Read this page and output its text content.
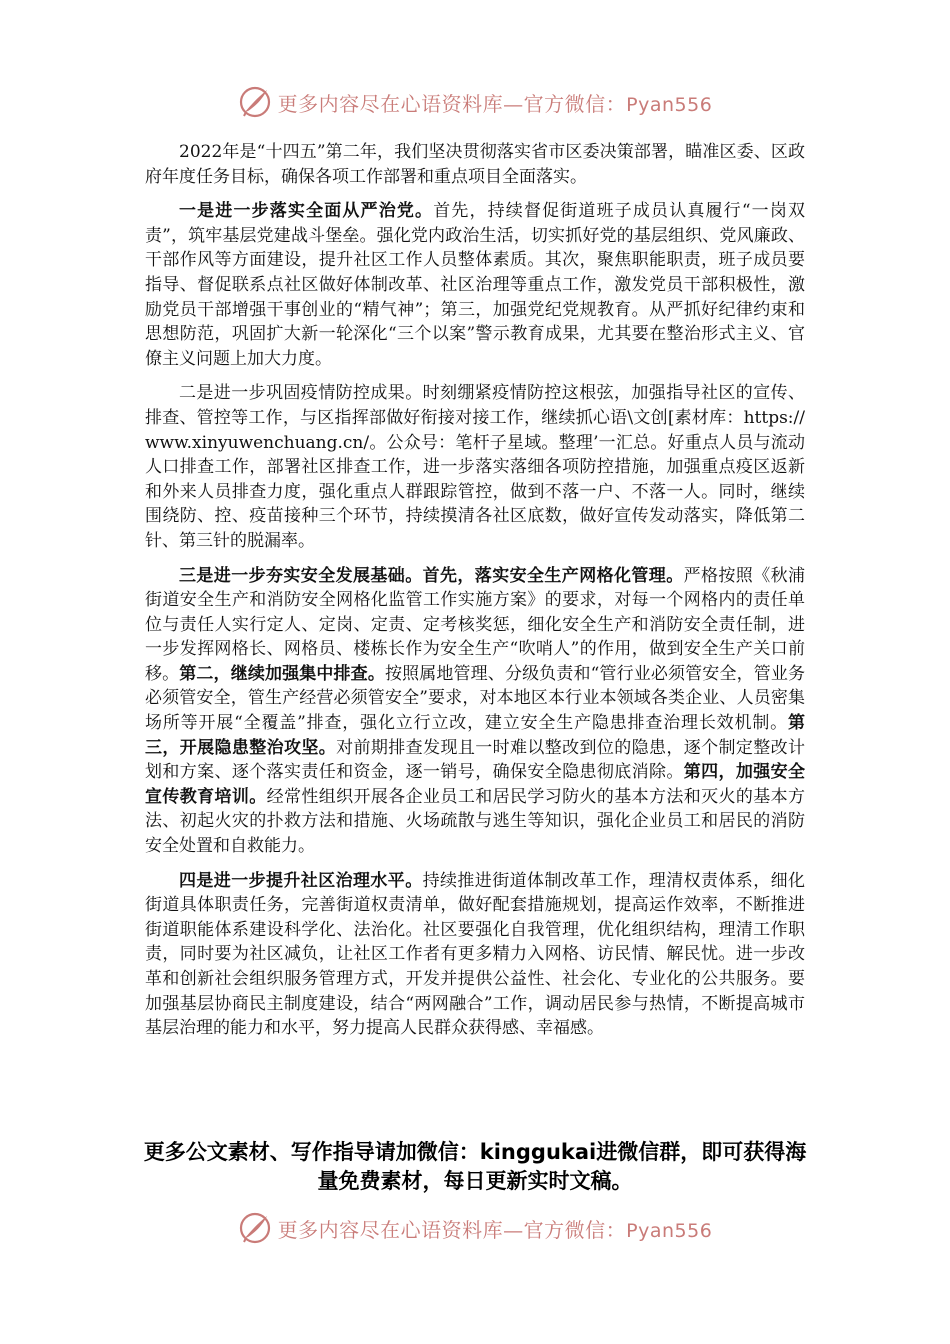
更多内容尽在心语资料库—官方微信：Pyan556

2022年是“十四五”第二年，我们坚决贯彻落实省市区委决策部署，瞄准区委、区政府年度任务目标，确保各项工作部署和重点项目全面落实。

一是进一步落实全面从严治党。首先，持续督促街道班子成员认真履行“一岗双责”，筑牢基层党建战斗堡垒。强化党内政治生活，切实抓好党的基层组织、党风廉政、干部作风等方面建设，提升社区工作人员整体素质。其次，聚焦职能职责，班子成员要指导、督促联系点社区做好体制改革、社区治理等重点工作，激发党员干部积极性，激励党员干部增强干事创业的“精气神”；第三，加强党纪党规教育。从严抓好纪律约束和思想防范，巩固扩大新一轮深化“三个以案”警示教育成果，尤其要在整治形式主义、官僚主义问题上加大力度。

二是进一步巩固疫情防控成果。时刻绷紧疫情防控这根弦，加强指导社区的宣传、排查、管控等工作，与区指挥部做好衔接对接工作，继续抓心语\文创[素材库：https://www.xinyuwenchuang.cn/。公众号：笔杆子星域。整理’一汇总。好重点人员与流动人口排查工作，部署社区排查工作，进一步落实落细各项防控措施，加强重点疫区返新和外来人员排查力度，强化重点人群跟踪管控，做到不落一户、不落一人。同时，继续围绕防、控、疫苗接种三个环节，持续摸清各社区底数，做好宣传发动落实，降低第二针、第三针的脱漏率。

三是进一步夯实安全发展基础。首先，落实安全生产网格化管理。严格按照《秋浦街道安全生产和消防安全网格化监管工作实施方案》的要求，对每一个网格内的责任单位与责任人实行定人、定岗、定责、定考核奖惩，细化安全生产和消防安全责任制，进一步发挥网格长、网格员、楼栋长作为安全生产“吹哨人”的作用，做到安全生产关口前移。第二，继续加强集中排查。按照属地管理、分级负责和“管行业必须管安全，管业务必须管安全，管生产经营必须管安全”要求，对本地区本行业本领域各类企业、人员密集场所等开展“全覆盖”排查，强化立行立改，建立安全生产隐患排查治理长效机制。第三，开展隐患整治攻坚。对前期排查发现且一时难以整改到位的隐患，逐个制定整改计划和方案、逐个落实责任和资金，逐一销号，确保安全隐患彻底消除。第四，加强安全宣传教育培训。经常性组织开展各企业员工和居民学习防火的基本方法和灭火的基本方法、初起火灾的扑救方法和措施、火场疏散与逃生等知识，强化企业员工和居民的消防安全处置和自救能力。

四是进一步提升社区治理水平。持续推进街道体制改革工作，理清权责体系，细化街道具体职责任务，完善街道权责清单，做好配套措施规划，提高运作效率，不断推进街道职能体系建设科学化、法治化。社区要强化自我管理，优化组织结构，理清工作职责，同时要为社区减负，让社区工作者有更多精力入网格、访民情、解民忧。进一步改革和创新社会组织服务管理方式，开发并提供公益性、社会化、专业化的公共服务。要加强基层协商民主制度建设，结合“两网融合”工作，调动居民参与热情，不断提高城市基层治理的能力和水平，努力提高人民群众获得感、幸福感。

更多公文素材、写作指导请加微信：kinggukai进微信群，即可获得海量免费素材，每日更新实时文稿。
更多内容尽在心语资料库—官方微信：Pyan556
